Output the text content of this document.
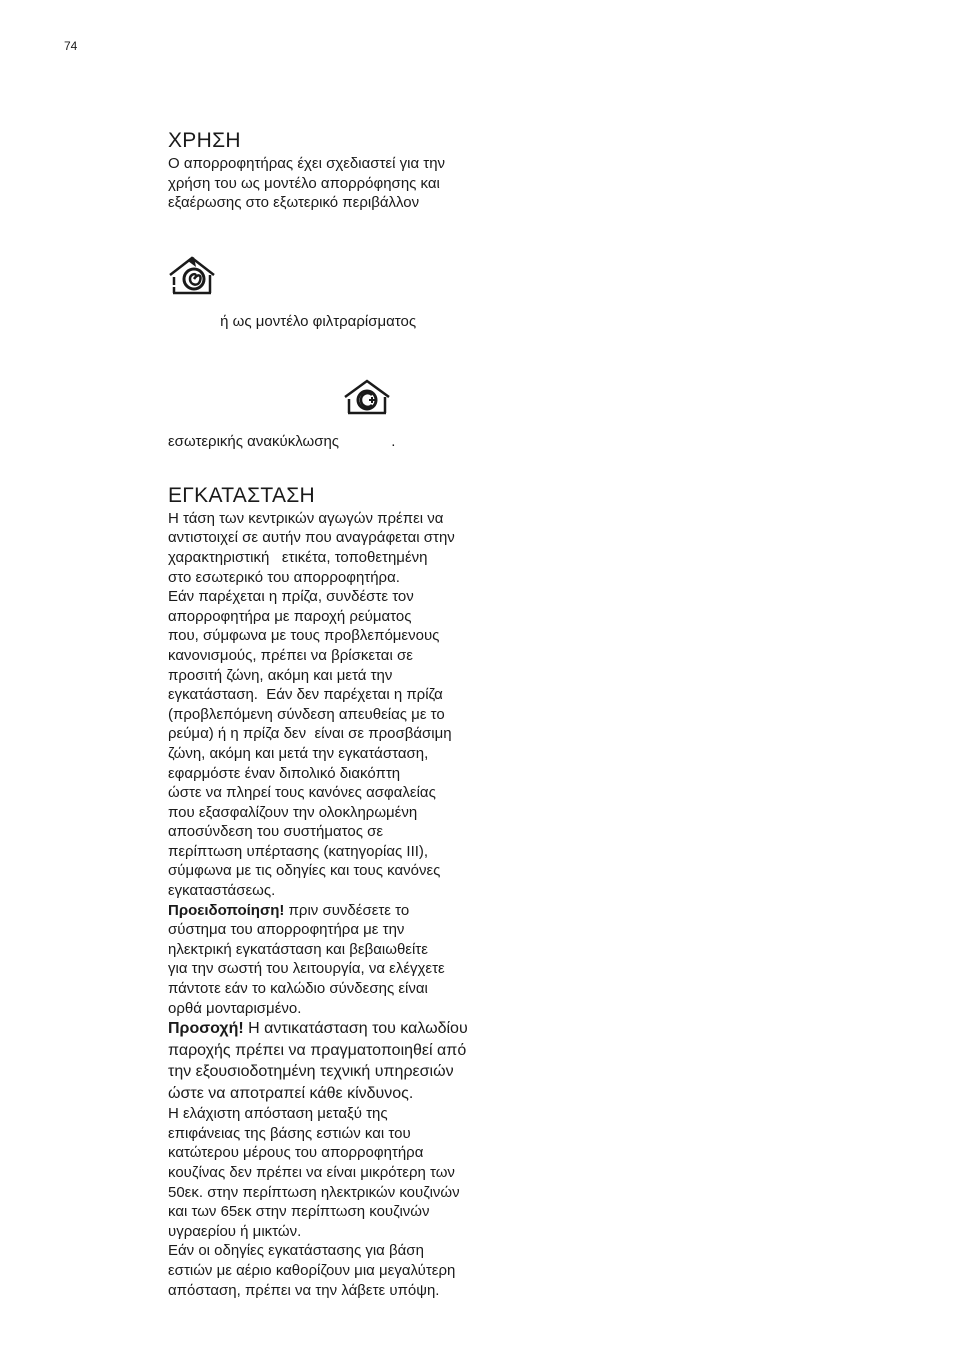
74
ΧΡΗΣΗ
Ο απορροφητήρας έχει σχεδιαστεί για την
χρήση του ως μοντέλο απορρόφησης και
εξαέρωσης στο εξωτερικό περιβάλλον

ή ως μοντέλο φιλτραρίσματος
εσωτερικής ανακύκλωσης

	.
ΕΓΚΑΤΑΣΤΑΣΗ
Η τάση των κεντρικών αγωγών πρέπει να
αντιστοιχεί σε αυτήν που αναγράφεται στην
χαρακτηριστική   ετικέτα, τοποθετημένη
στο εσωτερικό του απορροφητήρα.
Εάν παρέχεται η πρίζα, συνδέστε τον
απορροφητήρα με παροχή ρεύματος
που, σύμφωνα με τους προβλεπόμενους
κανονισμούς, πρέπει να βρίσκεται σε
προσιτή ζώνη, ακόμη και μετά την
εγκατάσταση.  Εάν δεν παρέχεται η πρίζα
(προβλεπόμενη σύνδεση απευθείας με το
ρεύμα) ή η πρίζα δεν  είναι σε προσβάσιμη
ζώνη, ακόμη και μετά την εγκατάσταση,
εφαρμόστε έναν διπολικό διακόπτη
ώστε να πληρεί τους κανόνες ασφαλείας
που εξασφαλίζουν την ολοκληρωμένη
αποσύνδεση του συστήματος σε
περίπτωση υπέρτασης (κατηγορίας III),
σύμφωνα με τις οδηγίες και τους κανόνες
εγκαταστάσεως.
Προειδοποίηση! πριν συνδέσετε το
σύστημα του απορροφητήρα με την
ηλεκτρική εγκατάσταση και βεβαιωθείτε
για την σωστή του λειτουργία, να ελέγχετε
πάντοτε εάν το καλώδιο σύνδεσης είναι
ορθά μονταρισμένο.
Προσοχή! Η αντικατάσταση του καλωδίου
παροχής πρέπει να πραγματοποιηθεί από
την εξουσιοδοτημένη τεχνική υπηρεσιών
ώστε να αποτραπεί κάθε κίνδυνος.
Η ελάχιστη απόσταση μεταξύ της
επιφάνειας της βάσης εστιών και του
κατώτερου μέρους του απορροφητήρα
κουζίνας δεν πρέπει να είναι μικρότερη των
50εκ. στην περίπτωση ηλεκτρικών κουζινών
και των 65εκ στην περίπτωση κουζινών
υγραερίου ή μικτών.
Εάν οι οδηγίες εγκατάστασης για βάση
εστιών με αέριο καθορίζουν μια μεγαλύτερη
απόσταση, πρέπει να την λάβετε υπόψη.
